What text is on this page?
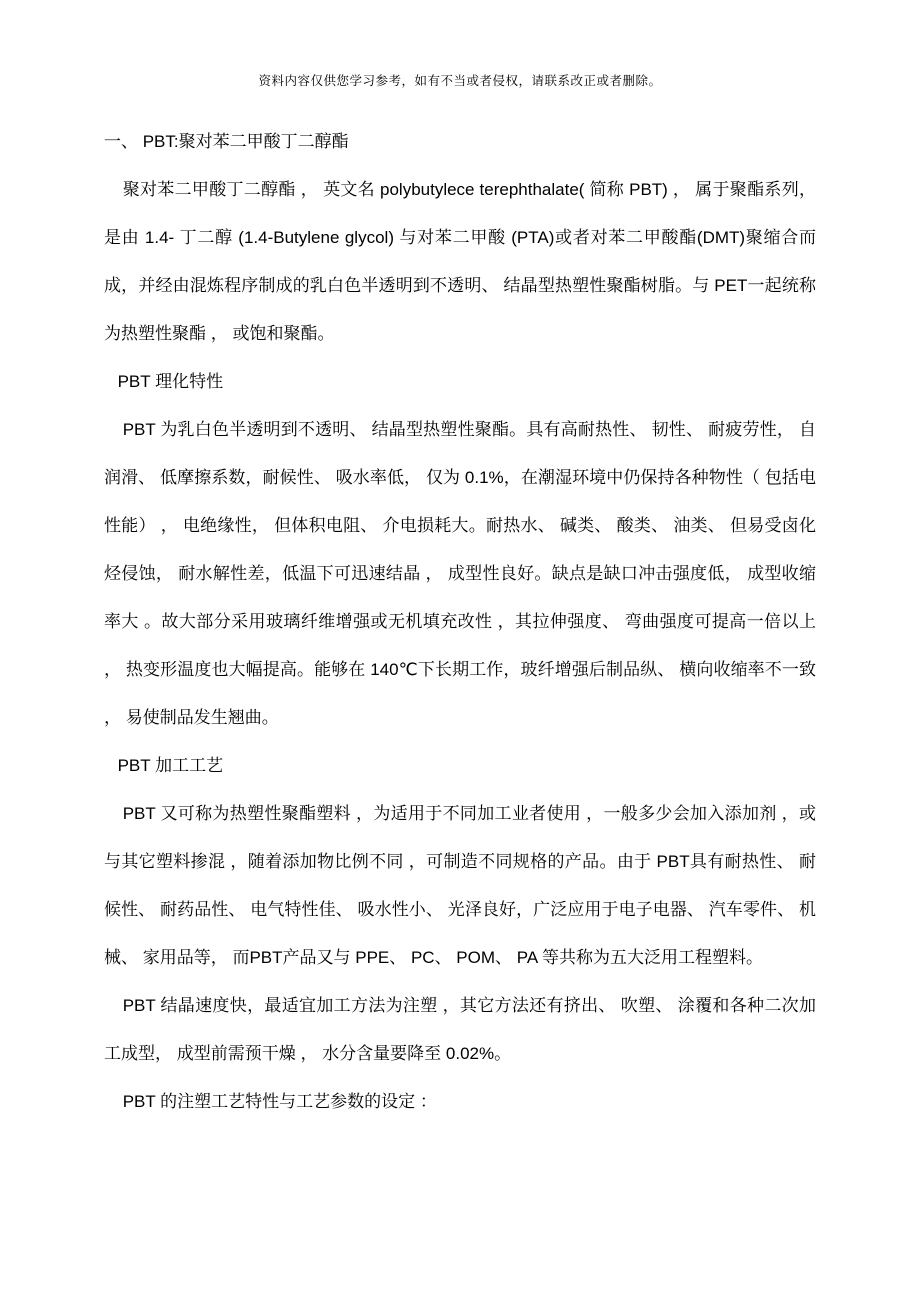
资料内容仅供您学习参考，如有不当或者侵权，请联系改正或者删除。

一、 PBT:聚对苯二甲酸丁二醇酯

聚对苯二甲酸丁二醇酯 ， 英文名 polybutylece terephthalate( 简称 PBT) ， 属于聚酯系列，是由 1.4- 丁二醇 (1.4-Butylene glycol) 与对苯二甲酸 (PTA)或者对苯二甲酸酯(DMT)聚缩合而成，并经由混炼程序制成的乳白色半透明到不透明、 结晶型热塑性聚酯树脂。与 PET一起统称为热塑性聚酯 ， 或饱和聚酯。

PBT 理化特性

PBT 为乳白色半透明到不透明、 结晶型热塑性聚酯。具有高耐热性、 韧性、 耐疲劳性， 自润滑、 低摩擦系数，耐候性、 吸水率低， 仅为 0.1%，在潮湿环境中仍保持各种物性（ 包括电性能） ， 电绝缘性， 但体积电阻、 介电损耗大。耐热水、 碱类、 酸类、 油类、 但易受卤化烃侵蚀， 耐水解性差，低温下可迅速结晶 ， 成型性良好。缺点是缺口冲击强度低， 成型收缩率大 。故大部分采用玻璃纤维增强或无机填充改性 ，其拉伸强度、 弯曲强度可提高一倍以上 ， 热变形温度也大幅提高。能够在 140℃下长期工作，玻纤增强后制品纵、 横向收缩率不一致 ， 易使制品发生翘曲。

PBT 加工工艺

PBT 又可称为热塑性聚酯塑料 ，为适用于不同加工业者使用 ，一般多少会加入添加剂 ，或与其它塑料掺混 ，随着添加物比例不同 ，可制造不同规格的产品。由于 PBT具有耐热性、 耐候性、 耐药品性、 电气特性佳、 吸水性小、 光泽良好，广泛应用于电子电器、 汽车零件、 机械、 家用品等， 而PBT产品又与 PPE、 PC、 POM、 PA 等共称为五大泛用工程塑料。

PBT 结晶速度快，最适宜加工方法为注塑 ，其它方法还有挤出、 吹塑、 涂覆和各种二次加工成型， 成型前需预干燥 ， 水分含量要降至 0.02%。

PBT 的注塑工艺特性与工艺参数的设定 ：
